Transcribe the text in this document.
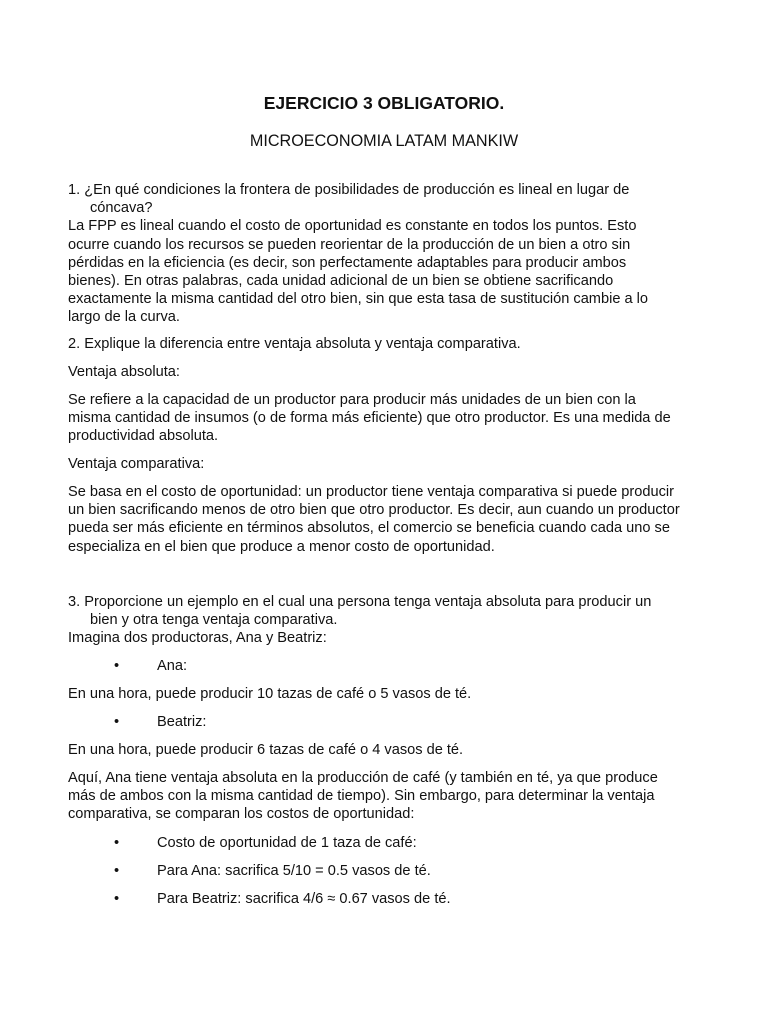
EJERCICIO 3 OBLIGATORIO.
MICROECONOMIA LATAM MANKIW
1. ¿En qué condiciones la frontera de posibilidades de producción es lineal en lugar de
cóncava?
La FPP es lineal cuando el costo de oportunidad es constante en todos los puntos. Esto
ocurre cuando los recursos se pueden reorientar de la producción de un bien a otro sin
pérdidas en la eficiencia (es decir, son perfectamente adaptables para producir ambos
bienes). En otras palabras, cada unidad adicional de un bien se obtiene sacrificando
exactamente la misma cantidad del otro bien, sin que esta tasa de sustitución cambie a lo
largo de la curva.
2. Explique la diferencia entre ventaja absoluta y ventaja comparativa.
Ventaja absoluta:
Se refiere a la capacidad de un productor para producir más unidades de un bien con la
misma cantidad de insumos (o de forma más eficiente) que otro productor. Es una medida de
productividad absoluta.
Ventaja comparativa:
Se basa en el costo de oportunidad: un productor tiene ventaja comparativa si puede producir
un bien sacrificando menos de otro bien que otro productor. Es decir, aun cuando un productor
pueda ser más eficiente en términos absolutos, el comercio se beneficia cuando cada uno se
especializa en el bien que produce a menor costo de oportunidad.
3. Proporcione un ejemplo en el cual una persona tenga ventaja absoluta para producir un
bien y otra tenga ventaja comparativa.
Imagina dos productoras, Ana y Beatriz:
•	Ana:
En una hora, puede producir 10 tazas de café o 5 vasos de té.
•	Beatriz:
En una hora, puede producir 6 tazas de café o 4 vasos de té.
Aquí, Ana tiene ventaja absoluta en la producción de café (y también en té, ya que produce
más de ambos con la misma cantidad de tiempo). Sin embargo, para determinar la ventaja
comparativa, se comparan los costos de oportunidad:
•	Costo de oportunidad de 1 taza de café:
•	Para Ana: sacrifica 5/10 = 0.5 vasos de té.
•	Para Beatriz: sacrifica 4/6 ≈ 0.67 vasos de té.
